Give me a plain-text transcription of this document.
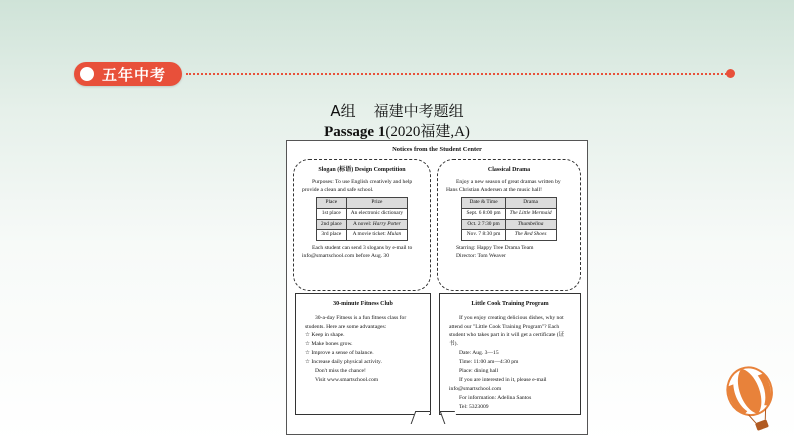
五年中考
A组 福建中考题组
Passage 1(2020福建,A)
Notices from the Student Center
Slogan (标语) Design Competition

Purposes: To use English creatively and help provide a clean and safe school.

Place	Prize
1st place	An electronic dictionary
2nd place	A novel: Harry Potter
3rd place	A movie ticket: Mulan

Each student can send 3 slogans by e-mail to info@smartschool.com before Aug. 30

Classical Drama

Enjoy a new season of great dramas written by Hans Christian Andersen at the music hall!

Date & Time	Drama
Sept. 6 8:00 pm	The Little Mermaid
Oct. 2 7:30 pm	Thumbelina
Nov. 7 8:30 pm	The Red Shoes

Starring: Happy Tree Drama Team

Director: Tom Weaver

30-minute Fitness Club

30-a-day Fitness is a fun fitness class for students. Here are some advantages:

☆ Keep in shape.

☆ Make bones grow.

☆ Improve a sense of balance.

☆ Increase daily physical activity.

Don't miss the chance!

Visit www.smartschool.com

Little Cook Training Program

If you enjoy creating delicious dishes, why not attend our "Little Cook Training Program"? Each student who takes part in it will get a certificate (证书).

Date: Aug. 3—15

Time: 11:00 am—4:30 pm

Place: dining hall

If you are interested in it, please e-mail info@smartschool.com

For information: Adelina Santos

Tel: 5323009
